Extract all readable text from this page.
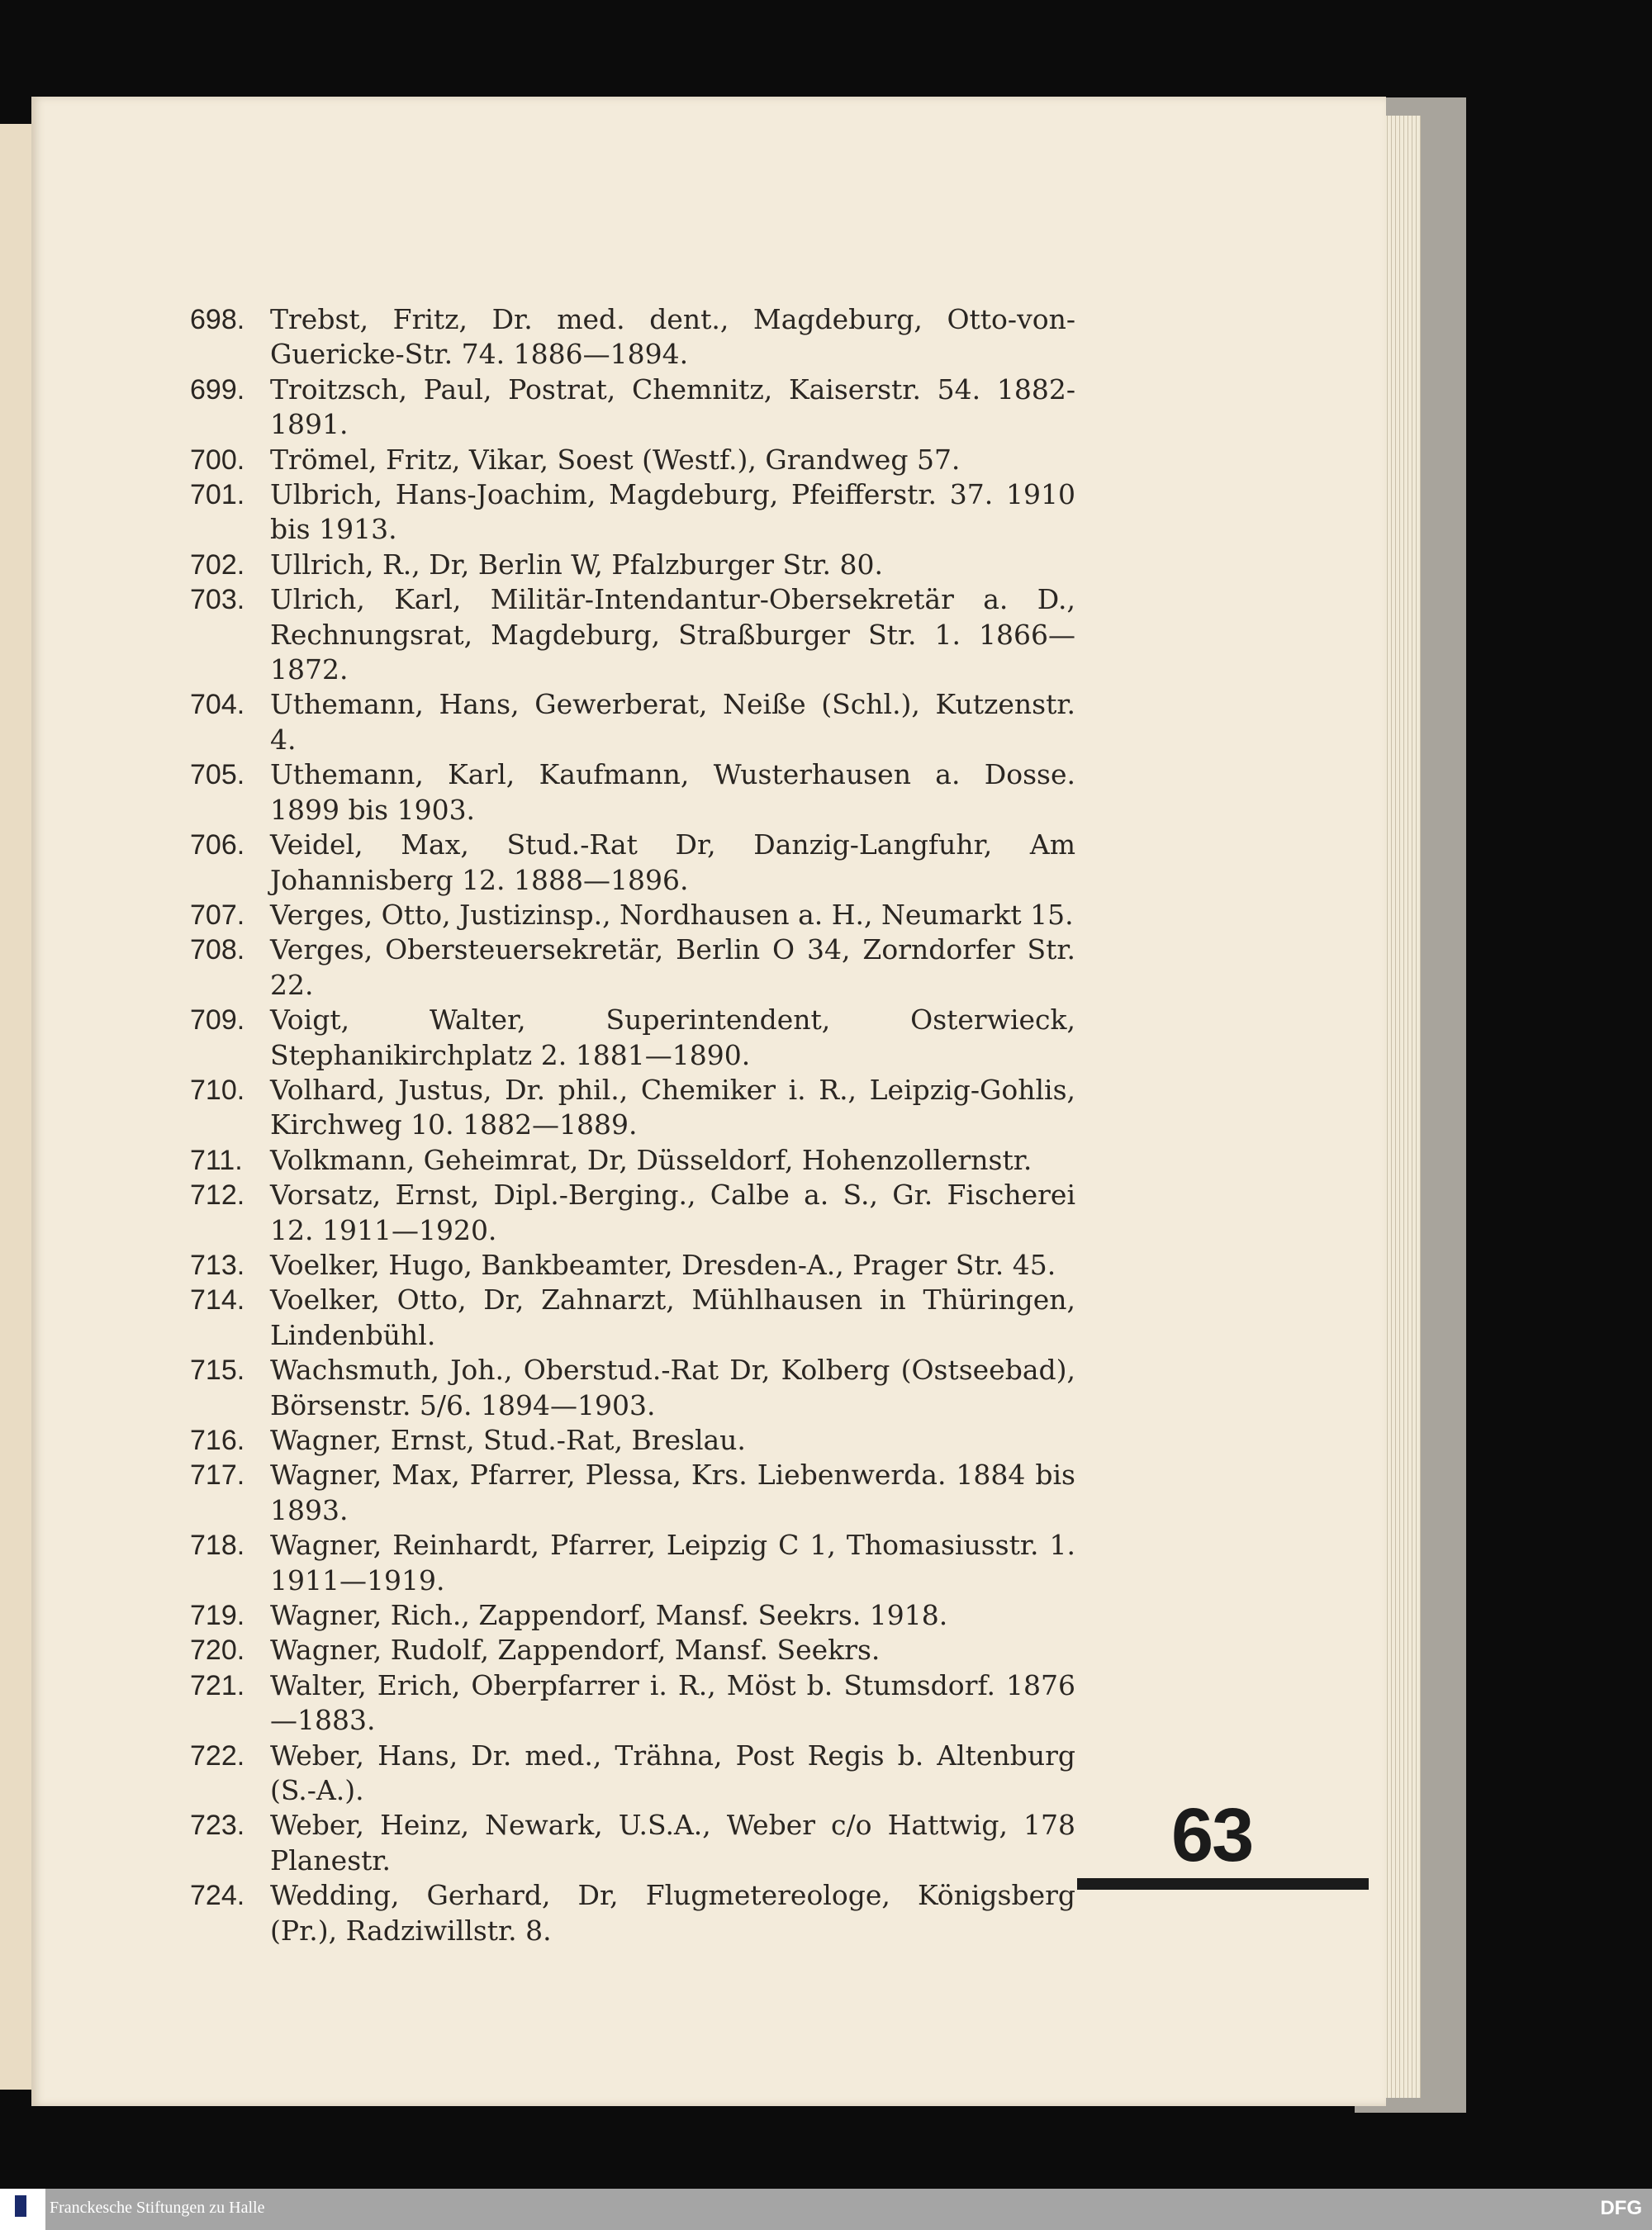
698. Trebst, Fritz, Dr. med. dent., Magdeburg, Otto-von-Guericke-Str. 74. 1886—1894.
699. Troitzsch, Paul, Postrat, Chemnitz, Kaiserstr. 54. 1882-1891.
700. Trömel, Fritz, Vikar, Soest (Westf.), Grandweg 57.
701. Ulbrich, Hans-Joachim, Magdeburg, Pfeifferstr. 37. 1910 bis 1913.
702. Ullrich, R., Dr, Berlin W, Pfalzburger Str. 80.
703. Ulrich, Karl, Militär-Intendantur-Obersekretär a. D., Rechnungsrat, Magdeburg, Straßburger Str. 1. 1866—1872.
704. Uthemann, Hans, Gewerberat, Neiße (Schl.), Kutzenstr. 4.
705. Uthemann, Karl, Kaufmann, Wusterhausen a. Dosse. 1899 bis 1903.
706. Veidel, Max, Stud.-Rat Dr, Danzig-Langfuhr, Am Johannisberg 12. 1888—1896.
707. Verges, Otto, Justizinsp., Nordhausen a. H., Neumarkt 15.
708. Verges, Obersteuersekretär, Berlin O 34, Zorndorfer Str. 22.
709. Voigt, Walter, Superintendent, Osterwieck, Stephanikirchplatz 2. 1881—1890.
710. Volhard, Justus, Dr. phil., Chemiker i. R., Leipzig-Gohlis, Kirchweg 10. 1882—1889.
711.	Volkmann, Geheimrat, Dr, Düsseldorf, Hohenzollernstr.
712. Vorsatz, Ernst, Dipl.-Berging., Calbe a. S., Gr. Fischerei 12. 1911—1920.
713. Voelker, Hugo, Bankbeamter, Dresden-A., Prager Str. 45.
714. Voelker, Otto, Dr, Zahnarzt, Mühlhausen in Thüringen, Lindenbühl.
715. Wachsmuth, Joh., Oberstud.-Rat Dr, Kolberg (Ostseebad), Börsenstr. 5/6. 1894—1903.
716. Wagner, Ernst, Stud.-Rat, Breslau.
717. Wagner, Max, Pfarrer, Plessa, Krs. Liebenwerda. 1884 bis 1893.
718. Wagner, Reinhardt, Pfarrer, Leipzig C 1, Thomasiusstr. 1. 1911—1919.
719. Wagner, Rich., Zappendorf, Mansf. Seekrs. 1918.
720. Wagner, Rudolf, Zappendorf, Mansf. Seekrs.
721. Walter, Erich, Oberpfarrer i. R., Möst b. Stumsdorf. 1876—1883.
722. Weber, Hans, Dr. med., Trähna, Post Regis b. Altenburg (S.-A.).
723. Weber, Heinz, Newark, U.S.A., Weber c/o Hattwig, 178 Planestr.
724. Wedding, Gerhard, Dr, Flugmetereologe, Königsberg (Pr.), Radziwillstr. 8.
63
Franckesche Stiftungen zu Halle	DFG
